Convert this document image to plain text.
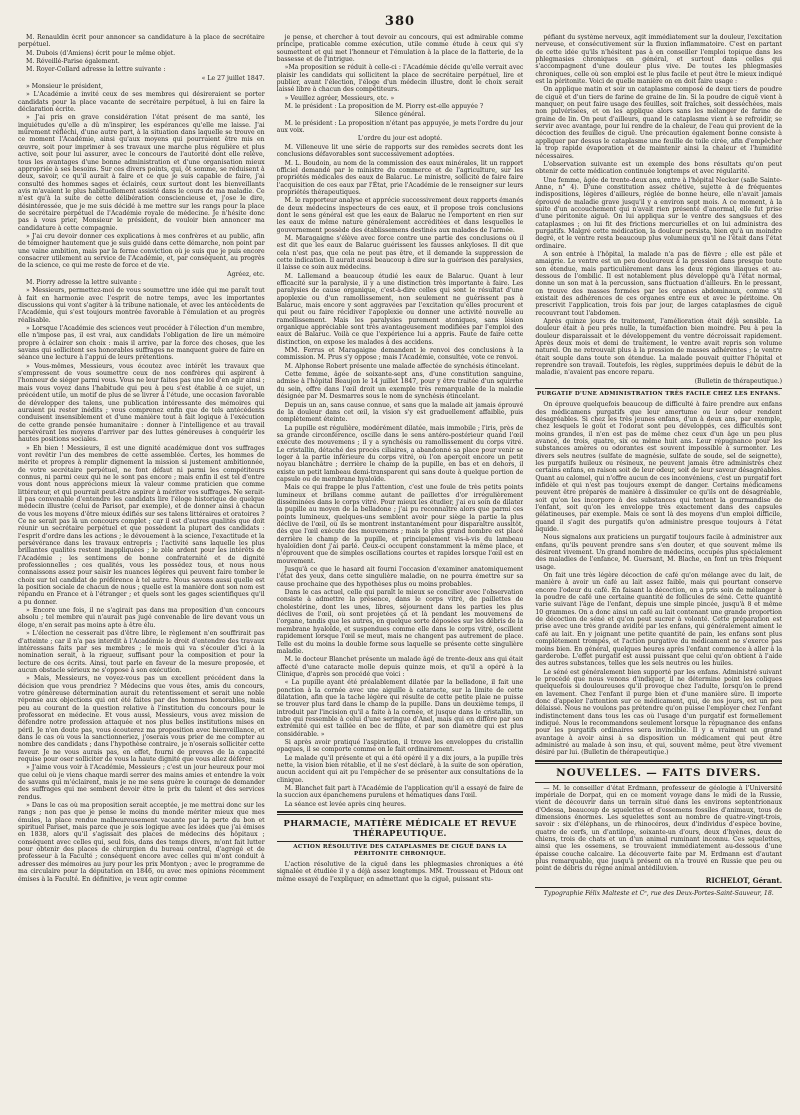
380

M. Renauldin écrit pour annoncer sa candidature à la place de secrétaire perpétuel.

M. Dubois (d'Amiens) écrit pour le même objet.

M. Réveillé-Parise également.

M. Royer-Collard adresse la lettre suivante :

« Le 27 juillet 1847.

» Monsieur le président,

» L'Académie a invité ceux de ses membres qui désireraient se porter candidats pour la place vacante de secrétaire perpétuel, à lui en faire la déclaration écrite.

» J'ai pris en grave considération l'état présent de ma santé, les inquiétudes qu'elle a dû m'inspirer, les espérances qu'elle me laisse. J'ai mûrement réfléchi, d'une autre part, à la situation dans laquelle se trouve en ce moment l'Académie, ainsi qu'aux moyens qui pourraient être mis en œuvre, soit pour imprimer à ses travaux une marche plus régulière et plus active, soit pour lui assurer, avec le concours de l'autorité dont elle relève, tous les avantages d'une bonne administration et d'une organisation mieux appropriée à ses besoins. Sur ces divers points, qui, ôt somme, se réduisent à deux, savoir, ce qu'il aurait à faire et ce que je suis capable de faire, j'ai consulté des hommes sages et éclairés, ceux surtout dont les bienveillants avis m'avaient le plus habituellement assisté dans le cours de ma maladie. Ce n'est qu'à la suite de cette délibération consciencieuse et, j'ose le dire, désintéressée, que je me suis décidé à me mettre sur les rangs pour la place de secrétaire perpétuel de l'Académie royale de médecine. Je n'hésite donc pas à vous prier, Monsieur le président, de vouloir bien annoncer ma candidature à cette compagnie.

» J'ai cru devoir donner ces explications à mes confrères et au public, afin de témoigner hautement que je suis guidé dans cette démarche, non point par une vaine ambition, mais par la ferme conviction où je suis que je puis encore consacrer utilement au service de l'Académie, et, par conséquent, au progrès de la science, ce qui me reste de force et de vie.

Agréez, etc.

M. Piorry adresse la lettre suivante :

» Messieurs, permettez-moi de vous soumettre une idée qui me paraît tout à fait en harmonie avec l'esprit de notre temps, avec les importantes discussions qui vont s'agiter à la tribune nationale, et avec les antécédents de l'Académie, qui s'est toujours montrée favorable à l'émulation et au progrès réalisable.

» Lorsque l'Académie des sciences veut procéder à l'élection d'un membre, elle n'impose pas, il est vrai, aux candidats l'obligation de lire un mémoire propre à éclairer son choix : mais il arrive, par la force des choses, que les savans qui sollicitent ses honorables suffrages ne manquent guère de faire en séance une lecture à l'appui de leurs prétentions.

» Vous-mêmes, Messieurs, vous écoutez avec intérêt les travaux que s'empressent de vous soumettre ceux de nos confrères qui aspirent à l'honneur de siéger parmi vous. Vous ne leur faites pas une loi d'en agir ainsi ; mais vous voyez dans l'habitude qui peu à peu s'est établie à ce sujet, un précédent utile, un motif de plus de se livrer à l'étude, une occasion favorable de développer des talens, une publication intéressante des mémoires qui auraient pu rester inédits ; vous comprenez enfin que de tels antécédents conduisent insensiblement et d'une manière tout à fait logique à l'exécution de cette grande pensée humanitaire : donner à l'intelligence et au travail persévérant les moyens d'arriver par des luttes généreuses à conquérir les hautes positions sociales.

» Eh bien ! Messieurs, il est une dignité académique dont vos suffrages vont revêtir l'un des membres de cette assemblée. Certes, les hommes de mérite et propres à remplir dignement la mission si justement ambitionnée, de votre secrétaire perpétuel, ne font défaut ni parmi les compétiteurs connus, ni parmi ceux qui ne le sont pas encore ; mais enfin il est tel d'entre vous dont nous apprécions mieux la valeur comme praticien que comme littérateur, et qui pourrait peut-être aspirer à mériter vos suffrages. Ne serait-il pas convenable d'entendre les candidats lire l'éloge historique de quelque médecin illustre (celui de Parisot, par exemple), et de donner ainsi à chacun de vous les moyens d'être mieux édifiés sur ses talens littéraires et oratoires ? Ce ne serait pas là un concours complet ; car il est d'autres qualités que doit réunir un secrétaire perpétuel et que possèdent la plupart des candidats : l'esprit d'ordre dans les actions ; le dévouement à la science, l'exactitude et la persévérance dans les travaux entrepris ; l'activité sans laquelle les plus brillantes qualités restent inappliquées ; le zèle ardent pour les intérêts de l'Académie ; les sentimens de bonne confraternité et de dignité professionnelles ; ces qualités, vous les possédez tous, et nous nous connaissons assez pour saisir les nuances légères qui peuvent faire tomber le choix sur tel candidat de préférence à tel autre. Nous savons aussi quelle est la position sociale de chacun de nous ; quelle est la manière dont son nom est répandu en France et à l'étranger ; et quels sont les gages scientifiques qu'il a pu donner.

» Encore une fois, il ne s'agirait pas dans ma proposition d'un concours absolu ; tel membre qui n'aurait pas jugé convenable de lire devant vous un éloge, n'en serait pas moins apte à être élu.

» L'élection ne cesserait pas d'être libre, le règlement n'en souffrirait pas d'atteinte ; car il n'a pas interdit à l'Académie le droit d'entendre des travaux intéressans faits par ses membres ; le mois qui va s'écouler d'ici à la nomination serait, à la rigueur, suffisant pour la composition et pour la lecture de ces écrits. Ainsi, tout parle en faveur de la mesure proposée, et aucun obstacle sérieux ne s'oppose à son exécution.

» Mais, Messieurs, ne voyez-vous pas un excellent précédent dans la décision que vous prendriez ? Médecins que vous êtes, amis du concours, votre généreuse détermination aurait du retentissement et serait une noble réponse aux objections qui ont été faites par des hommes honorables, mais peu au courant de la question relative à l'institution du concours pour le professorat en médecine. Et vous aussi, Messieurs, vous avez mission de défendre notre profession attaquée et nos plus belles institutions mises en péril. Je n'en doute pas, vous écouterez ma proposition avec bienveillance, et dans le cas où vous la sanctionneriez, j'oserais vous prier de me compter au nombre des candidats ; dans l'hypothèse contraire, je n'oserais solliciter cette faveur. Je ne vous aurais pas, en effet, fourni de preuves de la capacité requise pour oser solliciter de vous la haute dignité que vous allez déférer.

» J'aime vous voir à l'Académie, Messieurs ; c'est un jour heureux pour moi que celui où je viens chaque mardi serrer des mains amies et entendre la voix de savans qui m'éclairent, mais je ne me sens guère le courage de demander des suffrages qui me sembent devoir être le prix du talent et des services rendus.

» Dans le cas où ma proposition serait acceptée, je me mettrai donc sur les rangs ; non pas que je pense le moins du monde mériter mieux que mes émules, la place rendue malheureusement vacante par la perte du bon et spirituel Pariset, mais parce que je sois logique avec les idées que j'ai émises en 1838, alors qu'il s'agissait des places de médecins des hôpitaux ; conséquent avec celles qui, seul fois, dans des temps divers, m'ont fait lutter pour obtenir des places de chirurgien du bureau central, d'agrégé et de professeur à la Faculté ; conséquent encore avec celles qui m'ont conduit à adresser des mémoires au jury pour les prix Montyon ; avec le programme de ma circulaire pour la députation en 1846, ou avec mes opinions récemment émises à la Faculté. En définitive, je veux agir comme

je pense, et chercher à tout devoir au concours, qui est admirable comme principe, praticable comme exécution, utile comme étude à ceux qui s'y soumettent et qui met l'honneur et l'émulation à la place de la flatterie, de la bassesse et de l'intrigue.

»Ma proposition se réduit à celle-ci : l'Académie décide qu'elle verrait avec plaisir les candidats qui sollicitent la place de secrétaire perpétuel, lire et publier, avant l'élection, l'éloge d'un médecin illustre, dont le choix serait laissé libre à chacun des compétiteurs.

» Veuillez agréer, Messieurs, etc. »

M. le président : La proposition de M. Piorry est-elle appuyée ?

Silence général.

M. le président : La proposition n'étant pas appuyée, je mets l'ordre du jour aux voix.

L'ordre du jour est adopté.

M. Villeneuve lit une série de rapports sur des remèdes secrets dont les conclusions défavorables sont successivement adoptées.

M. L. Boudoin, au nom de la commission des eaux minérales, lit un rapport officiel demandé par le ministre du commerce et de l'agriculture, sur les propriétés médicales des eaux de Balaruc. Le ministre, sollicité de faire faire l'acquisition de ces eaux par l'État, prie l'Académie de le renseigner sur leurs propriétés thérapeutiques.

M. le rapporteur analyse et apprécie successivement deux rapports émanés de deux médecins inspecteurs de ces eaux, et il propose trois conclusions dont le sens général est que les eaux de Balaruc ne l'emportent en rien sur les eaux de même nature généralement accréditées et dans lesquelles le gouvernement possède des établissemens destinés aux malades de l'armée.

M. Maragaigne s'élève avec force contre une partie des conclusions où il est dit que les eaux de Balaruc guérissent les fausses ankyloses. Il dit que cela n'est pas, que cela ne peut pas être, et il demande la suppression de cette indication. Il aurait aussi beaucoup à dire sur la guérison des paralysies, il laisse ce soin aux médecins.

M. Lallemand a beaucoup étudié les eaux de Balaruc. Quant à leur efficacité sur la paralysie, il y a une distinction très importante à faire. Les paralysies de cause organique, c'est-à-dire celles qui sont le résultat d'une apoplexie ou d'un ramollissement, non seulement ne guérissent pas à Balaruc, mais encore y sont aggravées par l'excitation qu'elles procurent et qui peut ou faire récidiver l'apoplexie ou donner une activité nouvelle au ramollissement. Mais les paralysies purement atoniques, sans lésion organique appréciable sont très avantageusement modifiées par l'emploi des eaux de Balaruc. Voilà ce que l'expérience lui a appris. Faute de faire cette distinction, on expose les malades à des accidens.

MM. Ferrus et Maragaigne demandent le renvoi des conclusions à la commission. M. Prus s'y oppose ; mais l'Académie, consultée, vote ce renvoi.

M. Alphonse Robert présente une malade affectée de synchésis étincelant.

Cette femme, âgée de soixante-sept ans, d'une constitution sanguine, admise à l'hôpital Beaujon le 14 juillet 1847, pour y être traitée d'un squirrhe du sein, offre dans l'œil droit un exemple très remarquable de la maladie désignée par M. Desmarres sous le nom de synchésis étincelant.

Depuis un an, sans cause connue, et sans que la malade ait jamais éprouvé de la douleur dans cet œil, la vision s'y est graduellement affaiblie, puis complètement éteinte.

La pupille est régulière, modérément dilatée, mais immobile ; l'iris, près de sa grande circonférence, oscille dans le sens antéro-postérieur quand l'œil exécute des mouvemens ; il y a synchésis ou ramollissement du corps vitré. Le cristallin, détaché des procès ciliaires, a abandonné sa place pour venir se loger à la partie inférieure du corps vitré, où l'on aperçoit encore un petit noyau blanchâtre ; derrière le champ de la pupille, en bas et en dehors, il existe un petit lambeau demi-transparent qui sans doute à quelque portion de capsule ou de membrane hyaloïde.

Mais ce qui frappe le plus l'attention, c'est une foule de très petits points lumineux et brillans comme autant de paillettes d'or irrégulièrement disséminées dans le corps vitré. Pour mieux les étudier, j'ai eu soin de dilater la pupille au moyen de la belladone ; j'ai pu reconnaître alors que parmi ces points lumineux, quelques-uns semblent avoir pour siège la partie la plus déclive de l'œil, où ils se montrent instantanément pour disparaître aussitôt, dès que l'œil exécute des mouvemens ; mais le plus grand nombre est placé derrière le champ de la pupille, et principalement vis-à-vis du lambeau hyaloïdien dont j'ai parlé. Ceux-ci occupent constamment la même place, et n'éprouvent que de simples oscillations courtes et rapides lorsque l'œil est en mouvement.

Jusqu'à ce que le hasard ait fourni l'occasion d'examiner anatomiquement l'état des yeux, dans cette singulière maladie, on ne pourra émettre sur sa cause prochaine que des hypothèses plus ou moins probables.

Dans le cas actuel, celle qui paraît le mieux se concilier avec l'observation consiste à admettre la présence, dans le corps vitré, de paillettes de cholestérine, dont les unes, libres, séjournent dans les parties les plus déclives de l'œil, où sont projetées çà et là pendant les mouvemens de l'organe, tandis que les autres, en quelque sorte déposées sur les débris de la membrane hyaloïde, et suspendues comme elle dans le corps vitré, oscillent rapidement lorsque l'œil se meut, mais ne changent pas autrement de place. Telle est du moins la double forme sous laquelle se présente cette singulière maladie.

M. le docteur Blanchet présente un malade âgé de trente-deux ans qui était affecté d'une cataracte molle depuis quinze mois, et qu'il a opéré à la Clinique, d'après son procédé que voici :

« La pupille ayant été préalablement dilatée par la belladone, il fait une ponction à la cornée avec une aiguille à cataracte, sur la limite de cette dilatation, afin que la tache légère qui résulte de cette petite plaie ne puisse se trouver plus tard dans le champ de la pupille. Dans un deuxième temps, il introduit par l'incision qu'il a faite à la cornée, et jusque dans le cristallin, un tube qui ressemble à celui d'une seringue d'Anel, mais qui en diffère par son extrémité qui est taillée en bec de flûte, et par son diamètre qui est plus considérable. »

Si après avoir pratiqué l'aspiration, il trouve les enveloppes du cristallin opaques, il se comporte comme on le fait ordinairement.

Le malade qu'il présente et qui a été opéré il y a dix jours, a la pupille très nette, la vision bien rétablie, et il ne s'est déclaré, à la suite de son opération, aucun accident qui ait pu l'empêcher de se présenter aux consultations de la clinique.

M. Blanchet fait part à l'Académie de l'application qu'il a essayé de faire de la succion aux épanchemens purulens et hématiques dans l'œil.

La séance est levée après cinq heures.

PHARMACIE, MATIÈRE MÉDICALE ET REVUE THÉRAPEUTIQUE.
ACTION RÉSOLUTIVE DES CATAPLASMES DE CIGUË DANS LA PÉRITONITE CHRONIQUE.

L'action résolutive de la ciguë dans les phlegmasies chroniques a été signalée et étudiée il y a déjà assez longtemps. MM. Trousseau et Pidoux ont même essayé de l'expliquer, en admettant que la ciguë, puissant stu-

péfiant du système nerveux, agit immédiatement sur la douleur, l'excitation nerveuse, et consécutivement sur la fluxion inflammatoire. C'est en partant de cette idée qu'ils n'hésitent pas à en conseiller l'emploi topique dans les phlegmasies chroniques en général, et surtout dans celles qui s'accompagnent d'une douleur plus vive. De toutes les phlegmasies chroniques, celle où son emploi est le plus facile et peut être le mieux indiqué est la péritonite. Voici de quelle manière on en doit faire usage :

On applique matin et soir un cataplasme composé de deux tiers de poudre de ciguë et d'un tiers de farine de graine de lin. Si la poudre de ciguë vient à manquer, on peut faire usage des feuilles, soit fraîches, soit desséchées, mais non pulvérisées, et on les applique alors sans les mélanger de farine de graine de lin. On peut d'ailleurs, quand le cataplasme vient à se refroidir, se servir avec avantage, pour lui rendre de la chaleur, de l'eau qui provient de la décoction des feuilles de ciguë. Une précaution également bonne consiste à appliquer par dessus le cataplasme une feuille de toile cirée, afin d'empêcher la trop rapide évaporation et de maintenir ainsi la chaleur et l'humidité nécessaires.

L'observation suivante est un exemple des bons résultats qu'on peut obtenir de cette médication continuée longtemps et avec régularité.

Une femme, âgée de trente-deux ans, entre à l'hôpital Necker (salle Sainte-Anne, n° 4). D'une constitution assez chétive, sujette à de fréquentes indispositions, légères d'ailleurs, réglée de bonne heure, elle n'avait jamais éprouvé de maladie grave jusqu'il y a environ sept mois. A ce moment, à la suite d'un accouchement qui n'avait rien présenté d'anormal, elle fut prise d'une péritonite aiguë. On lui appliqua sur le ventre des sangsues et des cataplasmes ; on lui fit des frictions mercurielles et on lui administra des purgatifs. Malgré cette médication, la douleur persista, bien qu'à un moindre degré, et le ventre resta beaucoup plus volumineux qu'il ne l'était dans l'état ordinaire.

A son entrée à l'hôpital, la malade n'a pas de fièvre ; elle est pâle et amaigrie. Le ventre est un peu douloureux à la pression dans presque toute son étendue, mais particulièrement dans les deux régions iliaques et au-dessous de l'ombilic. Il est notablement plus développé qu'à l'état normal, donne un son mat à la percussion, sans fluctuation d'ailleurs. En le pressant, on trouve des masses formées par les organes abdominaux, comme s'il existait des adhérences de ces organes entre eux et avec le péritoine. On prescrivit l'application, trois fois par jour, de larges cataplasmes de ciguë recouvrant tout l'abdomen.

Après quinze jours de traitement, l'amélioration était déjà sensible. La douleur était à peu près nulle, la tuméfaction bien moindre. Peu à peu la douleur disparaissait et le développement du ventre décroissait rapidement. Après deux mois et demi de traitement, le ventre avait repris son volume naturel. On ne retrouvait plus à la pression de masses adhérentes ; le ventre était souple dans toute son étendue. La malade pouvait quitter l'hôpital et reprendre son travail. Toutefois, les règles, supprimées depuis le début de la maladie, n'avaient pas encore reparu.

(Bulletin de thérapeutique.)

PURGATIF D'UNE ADMINISTRATION TRÈS FACILE CHEZ LES ENFANS.

On éprouve quelquefois beaucoup de difficulté à faire prendre aux enfans des médicamens purgatifs que leur amertume ou leur odeur rendent désagréables. Si chez les très jeunes enfans, d'un à deux ans, par exemple, chez lesquels le goût et l'odorat sont peu développés, ces difficultés sont moins grandes, il n'en est pas de même chez ceux d'un âge un peu plus avancé, de trois, quatre, six ou même huit ans. Leur répugnance pour les substances amères ou odorantes est souvent impossible à surmonter. Les divers sels neutres (sulfate de magnésie, sulfate de soude, sel de seignette), les purgatifs huileux ou résineux, ne peuvent jamais être administrés chez certains enfans, en raison soit de leur odeur, soit de leur saveur désagréables. Quant au calomel, qui n'offre aucun de ces inconvéniens, c'est un purgatif fort infidèle et qui n'est pas toujours exempt de danger. Certains médicamens peuvent être préparés de manière à dissimuler ce qu'ils ont de désagréable, soit qu'on les incorpore à des substances qui tentent la gourmandise de l'enfant, soit qu'on les enveloppe très exactement dans des capsules gélatineuses, par exemple. Mais ce sont là des moyens d'un emploi difficile, quand il s'agit des purgatifs qu'on administre presque toujours à l'état liquide.

Nous signalons aux praticiens un purgatif toujours facile à administrer aux enfans, qu'ils peuvent prendre sans s'en douter, et que souvent même ils désirent vivement. Un grand nombre de médecins, occupés plus spécialement des maladies de l'enfance, M. Guersant, M. Blache, en font un très fréquent usage.

On fait une très légère décoction de café qu'on mélange avec du lait, de manière à avoir un café au lait assez faible, mais qui pourtant conserve encore l'odeur du café. En faisant la décoction, on a pris soin de mélanger à la poudre de café une certaine quantité de follicules de séné. Cette quantité varie suivant l'âge de l'enfant, depuis une simple pincée, jusqu'à 8 et même 10 grammes. On a donc ainsi un café au lait contenant une grande proportion de décoction de séné et qu'on peut sucrer à volonté. Cette préparation est prise avec une très grande avidité par les enfans, qui généralement aiment le café au lait. En y joignant une petite quantité de pain, les enfans sont plus complètement trompés, et l'action purgative du médicament ne s'exerce pas moins bien. En général, quelques heures après l'enfant commence à aller à la garderobe. L'effet purgatif est aussi puissant que celui qu'on obtient à l'aide des autres substances, telles que les sels neutres ou les huiles.

Le séné est généralement bien supporté par les enfans. Administré suivant le procédé que nous venons d'indiquer, il ne détermine point les coliques quelquefois si douloureuses qu'il provoque chez l'adulte, lorsqu'on le prend en lavement. Chez l'enfant il purge bien et d'une manière sûre. Il importe donc d'appeler l'attention sur ce médicament, qui, de nos jours, est un peu délaissé. Nous ne voulons pas prétendre qu'on puisse l'employer chez l'enfant indistinctement dans tous les cas où l'usage d'un purgatif est formellement indiqué. Nous le recommandons seulement lorsque la répugnance des enfans pour les purgatifs ordinaires sera invincible. Il y a vraiment un grand avantage à avoir ainsi à sa disposition un médicament qui peut être administré au malade à son insu, et qui, souvent même, peut être vivement désiré par lui. (Bulletin de thérapeutique.)

NOUVELLES. — FAITS DIVERS.

— M. le conseiller d'état Erdmann, professeur de géologie à l'Université impériale de Dorpat, qui en ce moment voyage dans le midi de la Russie, vient de découvrir dans un terrain situé dans les environs septentrionaux d'Odessa, beaucoup de squelettes et d'ossemens fossiles d'animaux, tous de dimensions énormes. Les squelettes sont au nombre de quatre-vingt-trois, savoir : six d'éléphans, un de rhinocéros, deux d'individus d'espèce bovine, quatre de cerfs, un d'antilope, soixante-un d'ours, deux d'hyènes, deux de chiens, trois de chats et un d'un animal ruminant inconnu. Ces squelettes, ainsi que les ossemens, se trouvaient immédiatement au-dessous d'une épaisse couche calcaire. La découverte faite par M. Erdmann est d'autant plus remarquable, que jusqu'à présent on n'a trouvé en Russie que peu ou point de débris du règne animal antédiluvien.

RICHELOT, Gérant.
Typographie Félix Malteste et Cᵉ, rue des Deux-Portes-Saint-Sauveur, 18.
